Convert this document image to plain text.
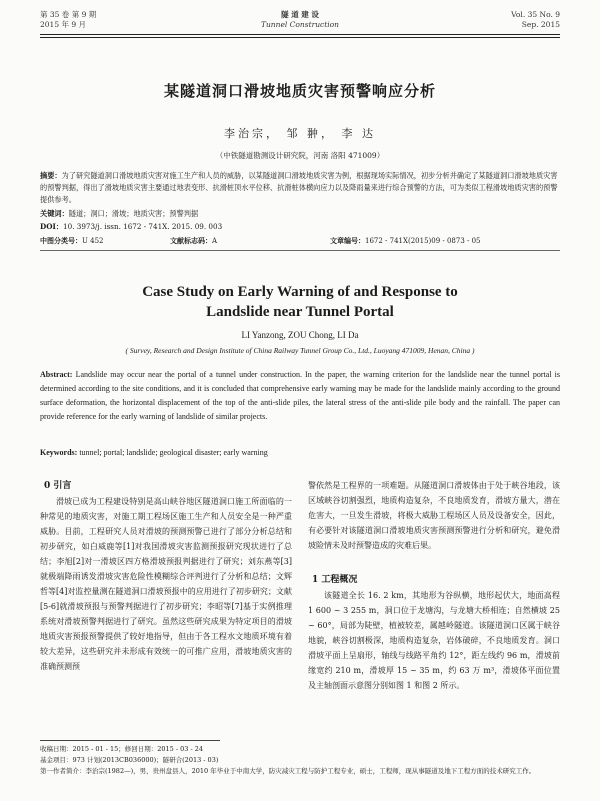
第 35 卷 第 9 期
2015 年 9 月
隧 道 建 设
Tunnel Construction
Vol. 35 No. 9
Sep. 2015
某隧道洞口滑坡地质灾害预警响应分析
李治宗， 邹 翀， 李 达
（中铁隧道勘测设计研究院，河南 洛阳 471009）
摘要：为了研究隧道洞口滑坡地质灾害对施工生产和人员的威胁，以某隧道洞口滑坡地质灾害为例，根据现场实际情况，初步分析并确定了某隧道洞口滑坡地质灾害的预警判据，得出了滑坡地质灾害主要通过地表变形、抗滑桩顶水平位移、抗滑桩体横向应力以及降雨量来进行综合预警的方法，可为类似工程滑坡地质灾害的预警提供参考。
关键词：隧道；洞口；滑坡；地质灾害；预警判据
DOI：10. 3973/j. issn. 1672 - 741X. 2015. 09. 003
中图分类号：U 452	文献标志码：A	文章编号：1672 - 741X(2015)09 - 0873 - 05
Case Study on Early Warning of and Response to Landslide near Tunnel Portal
LI Yanzong, ZOU Chong, LI Da
( Survey, Research and Design Institute of China Railway Tunnel Group Co., Ltd., Luoyang 471009, Henan, China )
Abstract: Landslide may occur near the portal of a tunnel under construction. In the paper, the warning criterion for the landslide near the tunnel portal is determined according to the site conditions, and it is concluded that comprehensive early warning may be made for the landslide mainly according to the ground surface deformation, the horizontal displacement of the top of the anti-slide piles, the lateral stress of the anti-slide pile body and the rainfall. The paper can provide reference for the early warning of landslide of similar projects.
Keywords: tunnel; portal; landslide; geological disaster; early warning
0 引言
滑坡已成为工程建设特别是高山峡谷地区隧道洞口施工所面临的一种常见的地质灾害，对施工期工程场区施工生产和人员安全是一种严重威胁。目前，工程研究人员对滑坡的预测预警已进行了部分分析总结和初步研究，如白威鹿等[1]对我国滑坡灾害监测预报研究现状进行了总结；李旭[2]对一滑坡区四方格滑坡预报判据进行了研究；刘东燕等[3]就极端降雨诱发滑坡灾害危险性模糊综合评判进行了分析和总结；文辉哲等[4]对监控量测在隧道洞口滑坡预报中的应用进行了初步研究；文献[5-6]就滑坡预报与预警判据进行了初步研究；李昭等[7]基于实例推理系统对滑坡预警判据进行了研究。虽然这些研究成果为特定项目的滑坡地质灾害预报预警提供了较好地指导，但由于各工程水文地质环境有着较大差异，这些研究并未形成有效统一的可推广应用，滑坡地质灾害的准确预测预
警依然是工程界的一项难题。从隧道洞口滑坡体由于处于峡谷地段，该区域峡谷切割强烈，地质构造复杂，不良地质发育，滑坡方量大，潜在危害大，一旦发生滑坡，将极大威胁工程场区人员及设备安全，因此，有必要针对该隧道洞口滑坡地质灾害预测预警进行分析和研究，避免滑坡险情未及时预警造成的灾难后果。
1 工程概况
该隧道全长 16. 2 km，其地形为谷纵横，地形起伏大，地面高程 1 600 ~ 3 255 m，洞口位于龙塘沟，与龙塘大桥相连；自然横坡 25 ~ 60°，局部为陡壁，植被较差，属越岭隧道。该隧道洞口区属于峡谷地貌，峡谷切割极深，地质构造复杂，岩体破碎，不良地质发育。洞口滑坡平面上呈扇形，轴线与线路平角约 12°，距左线约 96 m，滑坡前缘宽约 210 m，滑坡厚 15 ~ 35 m，约 63 万 m³，滑坡体平面位置及主轴剖面示意图分别如图 1 和图 2 所示。
收稿日期：2015 - 01 - 15；修回日期：2015 - 03 - 24
基金项目：973 计划(2013CB036000)；隧研合(2013 - 03)
第一作者简介：李治宗(1982—)，男，贵州盘县人，2010 年毕业于中南大学，防灾减灾工程与防护工程专业，硕士，工程师，现从事隧道及地下工程方面的技术研究工作。
